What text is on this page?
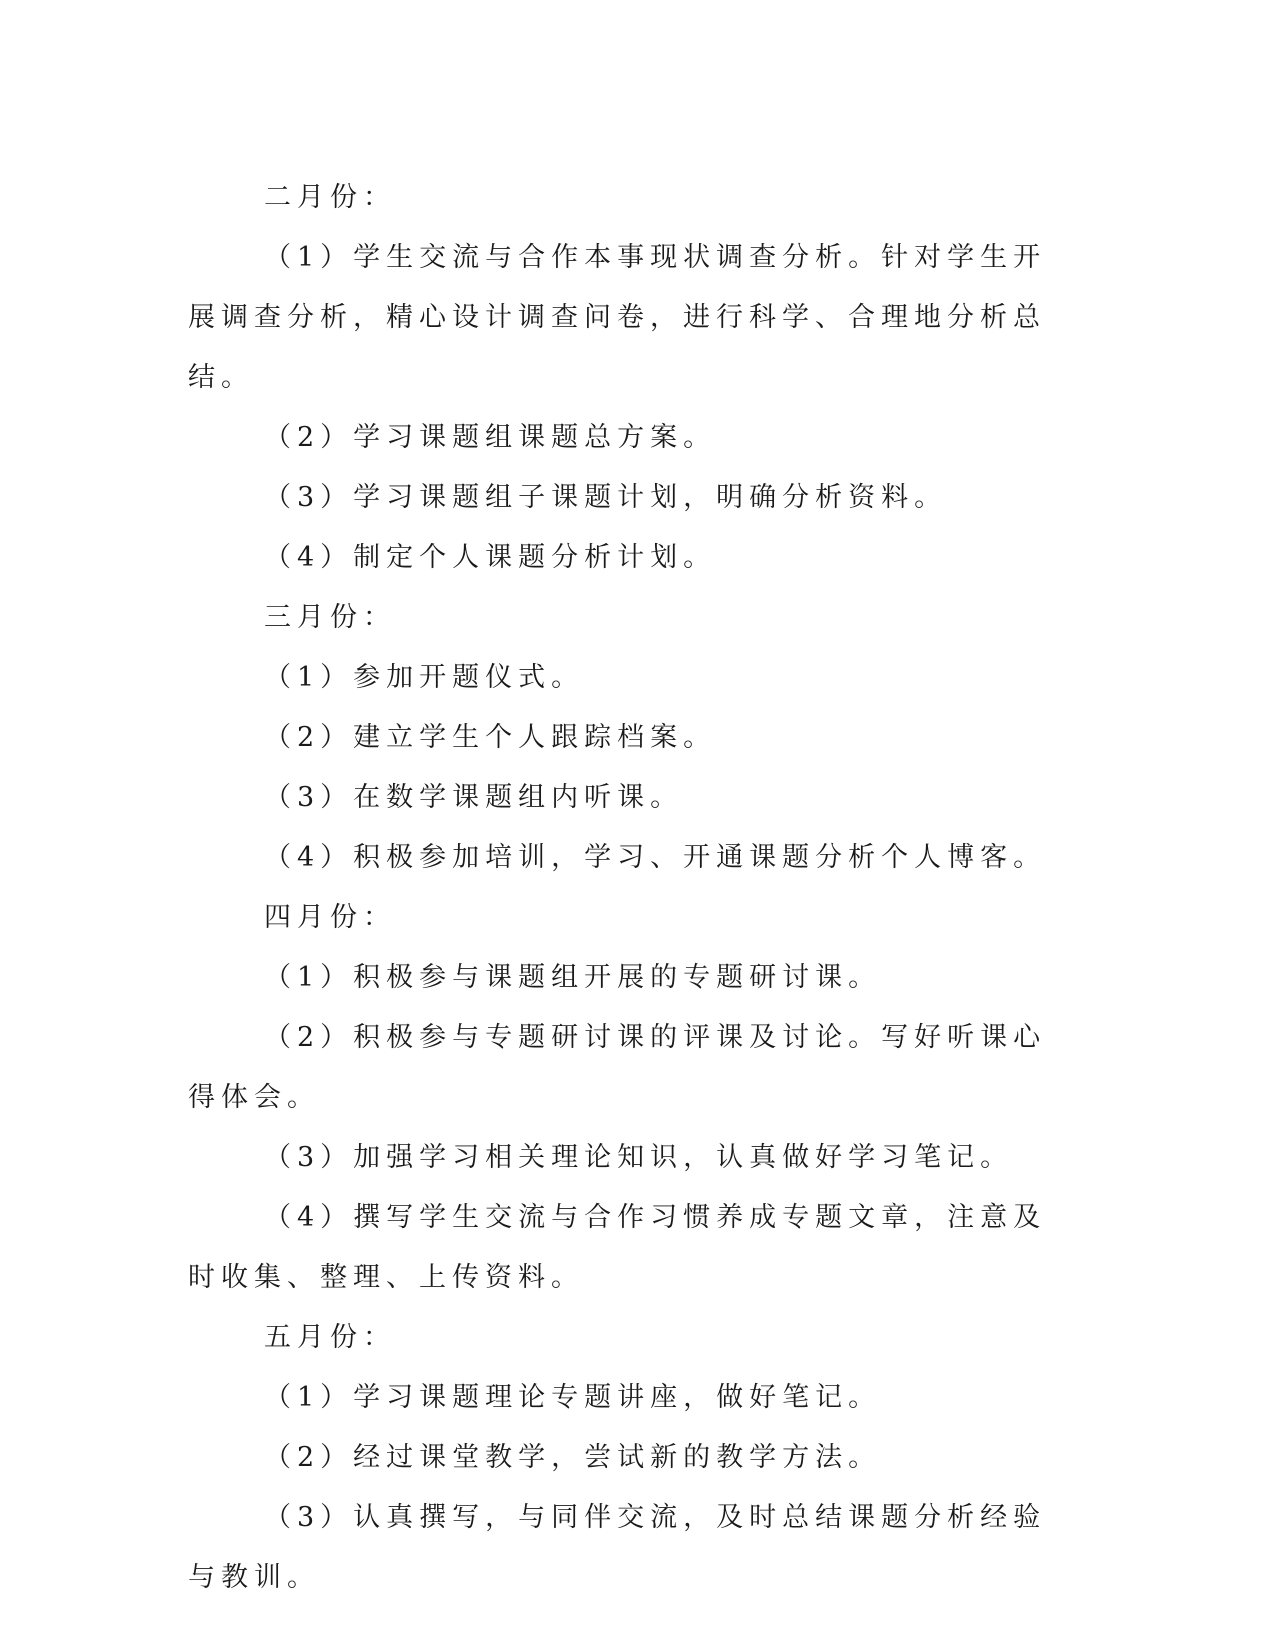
二月份：

（1）学生交流与合作本事现状调查分析。针对学生开展调查分析，精心设计调查问卷，进行科学、合理地分析总结。

（2）学习课题组课题总方案。

（3）学习课题组子课题计划，明确分析资料。

（4）制定个人课题分析计划。

三月份：

（1）参加开题仪式。

（2）建立学生个人跟踪档案。

（3）在数学课题组内听课。

（4）积极参加培训，学习、开通课题分析个人博客。

四月份：

（1）积极参与课题组开展的专题研讨课。

（2）积极参与专题研讨课的评课及讨论。写好听课心得体会。

（3）加强学习相关理论知识，认真做好学习笔记。

（4）撰写学生交流与合作习惯养成专题文章，注意及时收集、整理、上传资料。

五月份：

（1）学习课题理论专题讲座，做好笔记。

（2）经过课堂教学，尝试新的教学方法。

（3）认真撰写，与同伴交流，及时总结课题分析经验与教训。
